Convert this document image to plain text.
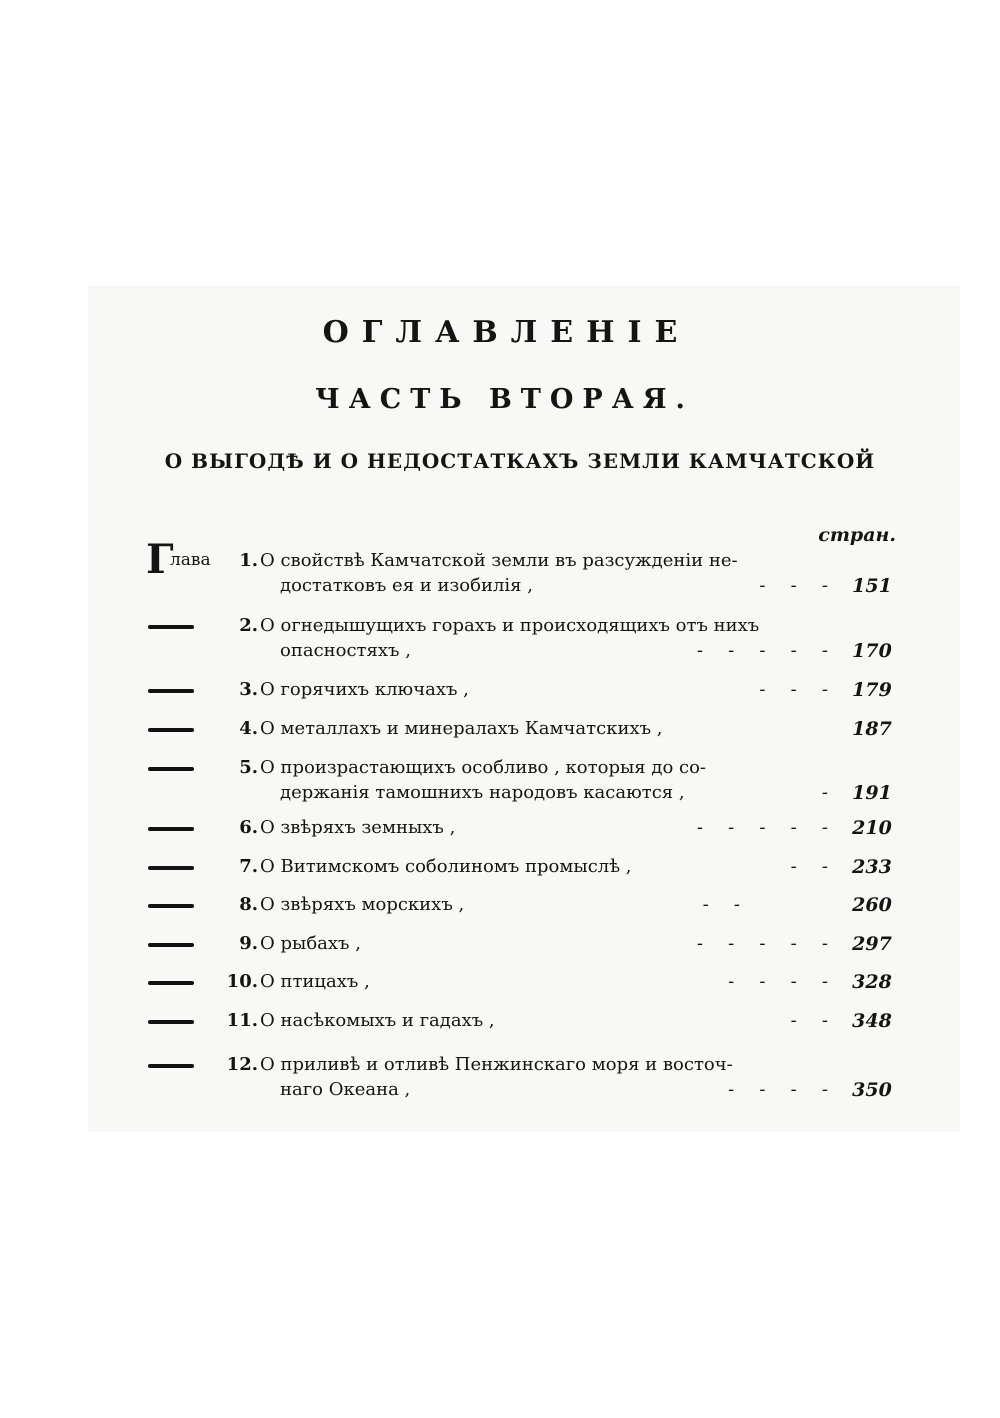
ОГЛАВЛЕНІЕ
ЧАСТЬ ВТОРАЯ.
О ВЫГОДѢ И О НЕДОСТАТКАХЪ ЗЕМЛИ КАМЧАТСКОЙ
стран.
Г
лава	1. О свойствѣ Камчатской земли въ разсужденіи не-
достатковъ ея и изобилія ,	-   -   -	151
2. О огнедышущихъ горахъ и происходящихъ отъ нихъ
опасностяхъ ,	-   -   -   -   -	170
3. О горячихъ ключахъ ,	-   -   -	179
4. О металлахъ и минералахъ Камчатскихъ ,	187
5. О произрастающихъ особливо , которыя до со-
держанія тамошнихъ народовъ касаются ,	-	191
6. О звѣряхъ земныхъ ,	-   -   -   -   -	210
7. О Витимскомъ соболиномъ промыслѣ ,	-   -	233
8. О звѣряхъ морскихъ ,	-   -	260
9. О рыбахъ ,	-   -   -   -   -	297
10. О птицахъ ,	-   -   -   -	328
11. О насѣкомыхъ и гадахъ ,	-   -	348
12. О приливѣ и отливѣ Пенжинскаго моря и восточ-
наго Океана ,	-   -   -   -	350
